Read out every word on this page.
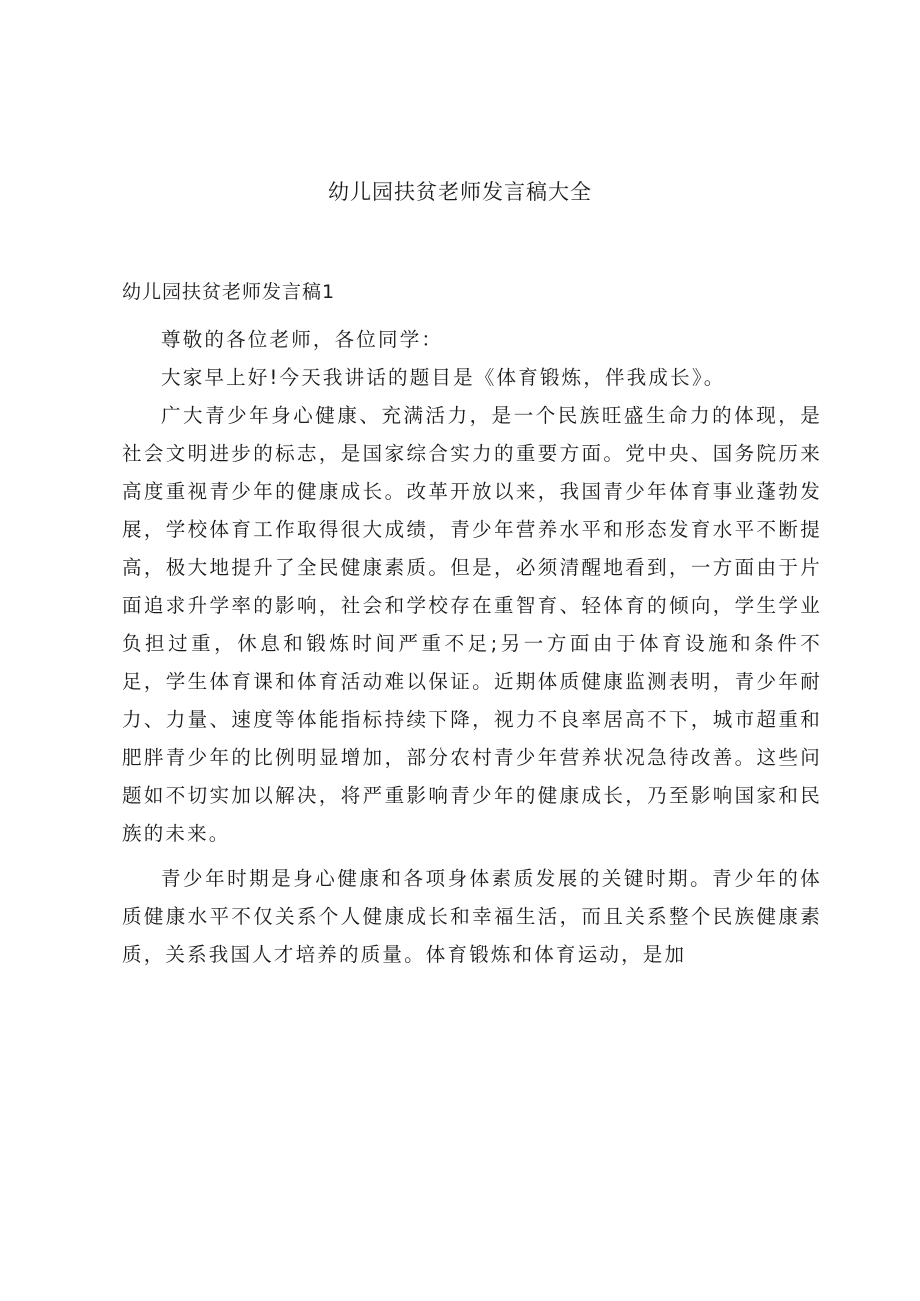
幼儿园扶贫老师发言稿大全
幼儿园扶贫老师发言稿1

尊敬的各位老师，各位同学：

大家早上好!今天我讲话的题目是《体育锻炼，伴我成长》。

广大青少年身心健康、充满活力，是一个民族旺盛生命力的体现，是社会文明进步的标志，是国家综合实力的重要方面。党中央、国务院历来高度重视青少年的健康成长。改革开放以来，我国青少年体育事业蓬勃发展，学校体育工作取得很大成绩，青少年营养水平和形态发育水平不断提高，极大地提升了全民健康素质。但是，必须清醒地看到，一方面由于片面追求升学率的影响，社会和学校存在重智育、轻体育的倾向，学生学业负担过重，休息和锻炼时间严重不足;另一方面由于体育设施和条件不足，学生体育课和体育活动难以保证。近期体质健康监测表明，青少年耐力、力量、速度等体能指标持续下降，视力不良率居高不下，城市超重和肥胖青少年的比例明显增加，部分农村青少年营养状况急待改善。这些问题如不切实加以解决，将严重影响青少年的健康成长，乃至影响国家和民族的未来。

青少年时期是身心健康和各项身体素质发展的关键时期。青少年的体质健康水平不仅关系个人健康成长和幸福生活，而且关系整个民族健康素质，关系我国人才培养的质量。体育锻炼和体育运动，是加
